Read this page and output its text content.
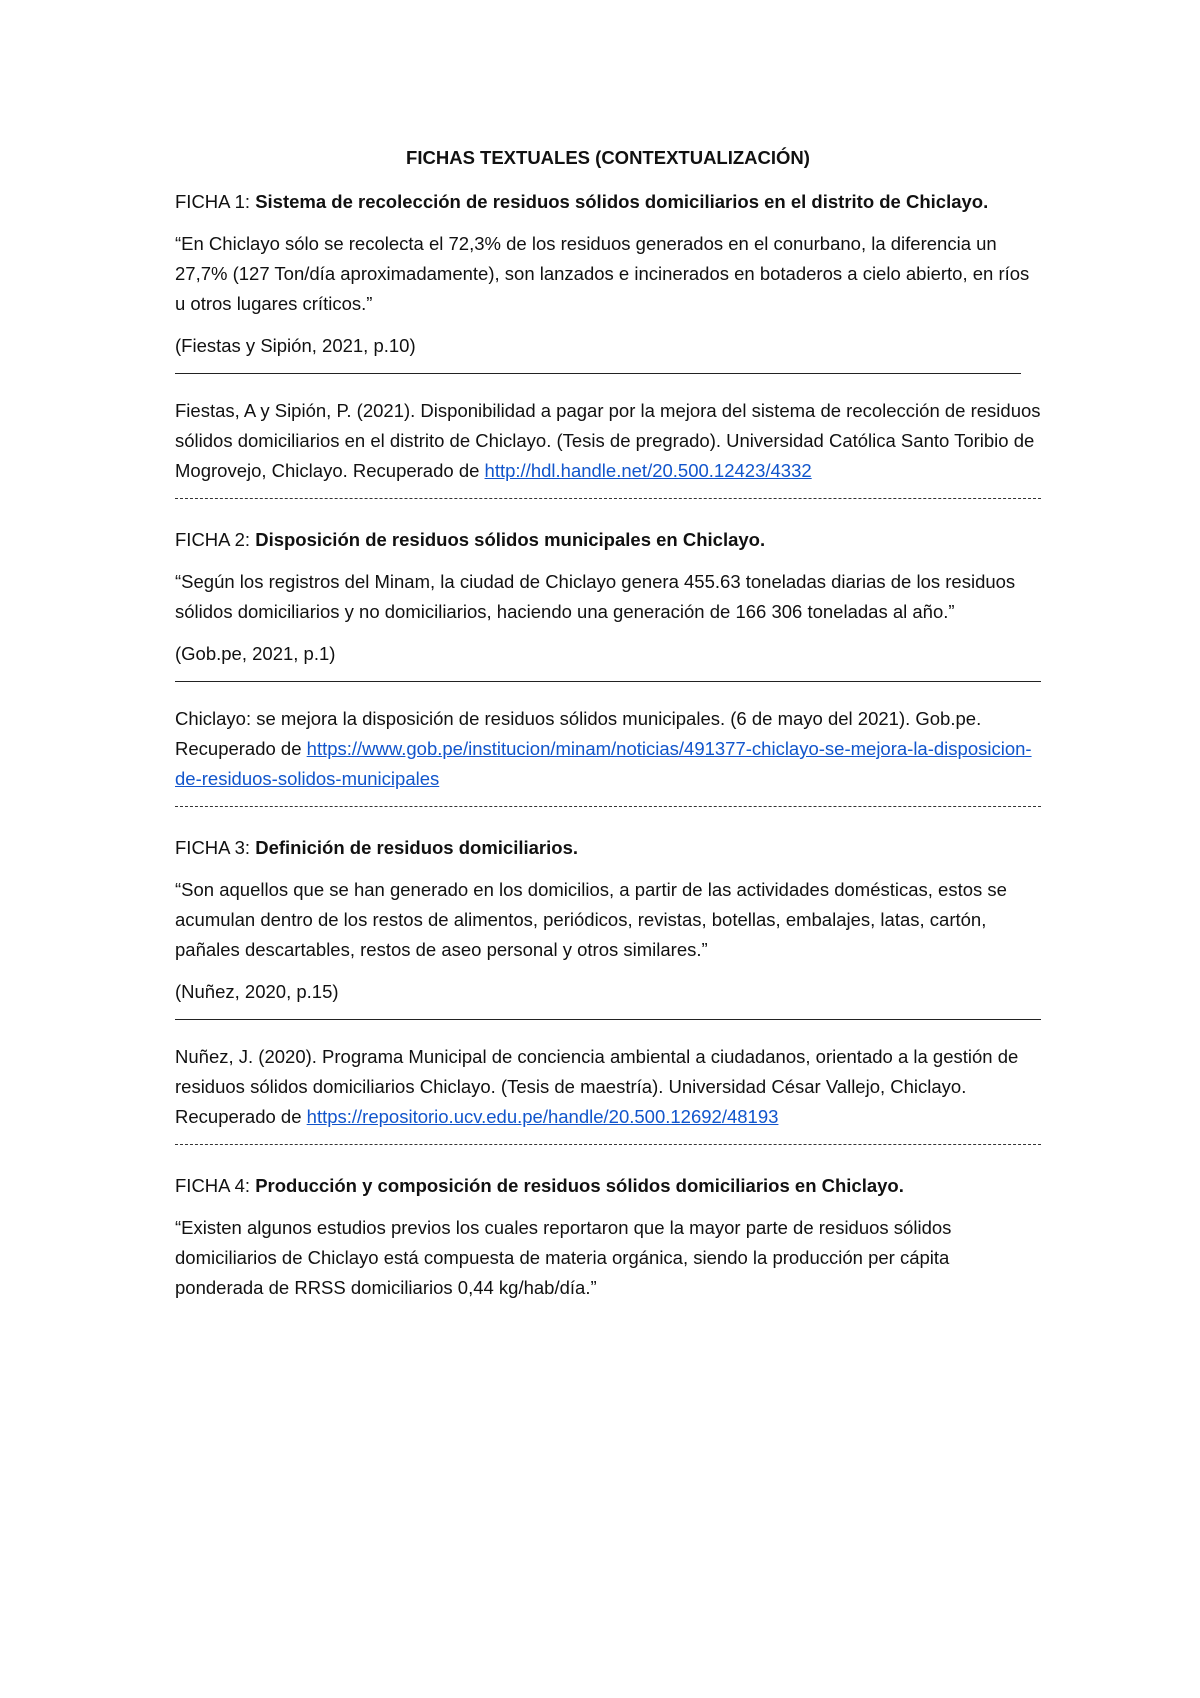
FICHAS TEXTUALES (CONTEXTUALIZACIÓN)
FICHA 1: Sistema de recolección de residuos sólidos domiciliarios en el distrito de Chiclayo.
“En Chiclayo sólo se recolecta el 72,3% de los residuos generados en el conurbano, la diferencia un 27,7% (127 Ton/día aproximadamente), son lanzados e incinerados en botaderos a cielo abierto, en ríos u otros lugares críticos.”
(Fiestas y Sipión, 2021, p.10)
Fiestas, A y Sipión, P. (2021). Disponibilidad a pagar por la mejora del sistema de recolección de residuos sólidos domiciliarios en el distrito de Chiclayo. (Tesis de pregrado). Universidad Católica Santo Toribio de Mogrovejo, Chiclayo. Recuperado de http://hdl.handle.net/20.500.12423/4332
FICHA 2: Disposición de residuos sólidos municipales en Chiclayo.
“Según los registros del Minam, la ciudad de Chiclayo genera 455.63 toneladas diarias de los residuos sólidos domiciliarios y no domiciliarios, haciendo una generación de 166 306 toneladas al año.”
(Gob.pe, 2021, p.1)
Chiclayo: se mejora la disposición de residuos sólidos municipales. (6 de mayo del 2021). Gob.pe. Recuperado de https://www.gob.pe/institucion/minam/noticias/491377-chiclayo-se-mejora-la-disposicion-de-residuos-solidos-municipales
FICHA 3: Definición de residuos domiciliarios.
“Son aquellos que se han generado en los domicilios, a partir de las actividades domésticas, estos se acumulan dentro de los restos de alimentos, periódicos, revistas, botellas, embalajes, latas, cartón, pañales descartables, restos de aseo personal y otros similares.”
(Nuñez, 2020, p.15)
Nuñez, J. (2020). Programa Municipal de conciencia ambiental a ciudadanos, orientado a la gestión de residuos sólidos domiciliarios Chiclayo. (Tesis de maestría). Universidad César Vallejo, Chiclayo. Recuperado de https://repositorio.ucv.edu.pe/handle/20.500.12692/48193
FICHA 4: Producción y composición de residuos sólidos domiciliarios en Chiclayo.
“Existen algunos estudios previos los cuales reportaron que la mayor parte de residuos sólidos domiciliarios de Chiclayo está compuesta de materia orgánica, siendo la producción per cápita ponderada de RRSS domiciliarios 0,44 kg/hab/día.”
